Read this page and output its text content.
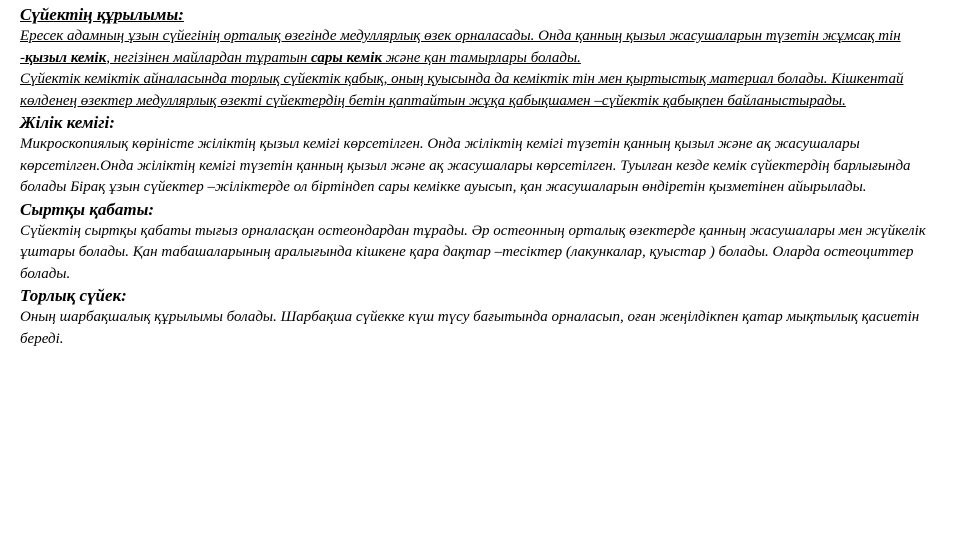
Сүйектің құрылымы:

Ересек адамның ұзын сүйегінің орталық өзегінде медуллярлық өзек орналасады. Онда қанның қызыл жасушаларын түзетін жұмсақ тін -қызыл кемік, негізінен майлардан тұратын сары кемік және қан тамырлары болады.

Сүйектік кеміктік айналасында торлық сүйектік қабық, оның қуысында да кеміктік тін мен қыртыстық материал болады. Кішкентай көлденең өзектер медуллярлық өзекті сүйектердің бетін қаптайтын жұқа қабықшамен –сүйектік қабықпен байланыстырады.

Жілік кемігі:

Микроскопиялық көріністе жіліктің қызыл кемігі көрсетілген. Онда жіліктің кемігі түзетін қанның қызыл және ақ жасушалары көрсетілген.Онда жіліктің кемігі түзетін қанның қызыл және ақ жасушалары көрсетілген. Туылған кезде кемік сүйектердің барлығында болады Бірақ ұзын сүйектер –жіліктерде ол біртіндеп сары кемікке ауысып, қан жасушаларын өндіретін қызметінен айырылады.

Сыртқы қабаты:

Сүйектің сыртқы қабаты тығыз орналасқан остеондардан тұрады. Әр остеонның орталық өзектерде қанның жасушалары мен жүйкелік ұштары болады. Қан табашаларының аралығында кішкене қара дақтар –тесіктер (лакункалар, қуыстар ) болады. Оларда остеоциттер болады.

Торлық сүйек:

Оның шарбақшалық құрылымы болады. Шарбақша сүйекке күш түсу бағытында орналасып, оған жеңілдікпен қатар мықтылық қасиетін береді.
